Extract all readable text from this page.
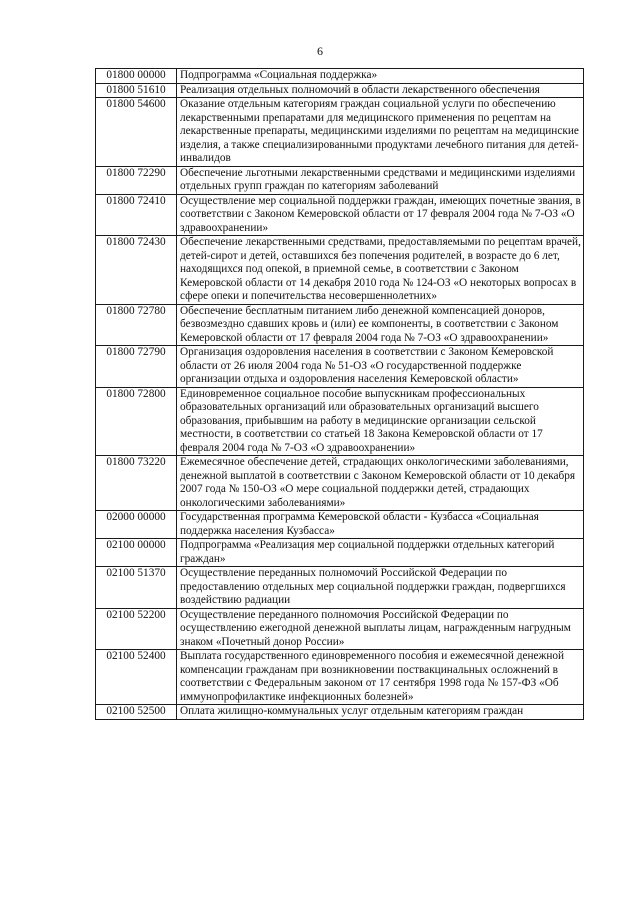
6
01800 00000	Подпрограмма «Социальная поддержка»
01800 51610	Реализация отдельных полномочий в области лекарственного обеспечения
01800 54600	Оказание отдельным категориям граждан социальной услуги по обеспечению лекарственными препаратами для медицинского применения по рецептам на лекарственные препараты, медицинскими изделиями по рецептам на медицинские изделия, а также специализированными продуктами лечебного питания для детей-инвалидов
01800 72290	Обеспечение льготными лекарственными средствами и медицинскими изделиями отдельных групп граждан по категориям заболеваний
01800 72410	Осуществление мер социальной поддержки граждан, имеющих почетные звания, в соответствии с Законом Кемеровской области от 17 февраля 2004 года № 7-ОЗ «О здравоохранении»
01800 72430	Обеспечение лекарственными средствами, предоставляемыми по рецептам врачей, детей-сирот и детей, оставшихся без попечения родителей, в возрасте до 6 лет, находящихся под опекой, в приемной семье, в соответствии с Законом Кемеровской области от 14 декабря 2010 года № 124-ОЗ «О некоторых вопросах в сфере опеки и попечительства несовершеннолетних»
01800 72780	Обеспечение бесплатным питанием либо денежной компенсацией доноров, безвозмездно сдавших кровь и (или) ее компоненты, в соответствии с Законом Кемеровской области от 17 февраля 2004 года № 7-ОЗ «О здравоохранении»
01800 72790	Организация оздоровления населения в соответствии с Законом Кемеровской области от 26 июля 2004 года № 51-ОЗ «О государственной поддержке организации отдыха и оздоровления населения Кемеровской области»
01800 72800	Единовременное социальное пособие выпускникам профессиональных образовательных организаций или образовательных организаций высшего образования, прибывшим на работу в медицинские организации сельской местности, в соответствии со статьей 18 Закона Кемеровской области от 17 февраля 2004 года № 7-ОЗ «О здравоохранении»
01800 73220	Ежемесячное обеспечение детей, страдающих онкологическими заболеваниями, денежной выплатой в соответствии с Законом Кемеровской области от 10 декабря 2007 года № 150-ОЗ «О мере социальной поддержки детей, страдающих онкологическими заболеваниями»
02000 00000	Государственная программа Кемеровской области - Кузбасса «Социальная поддержка населения Кузбасса»
02100 00000	Подпрограмма «Реализация мер социальной поддержки отдельных категорий граждан»
02100 51370	Осуществление переданных полномочий Российской Федерации по предоставлению отдельных мер социальной поддержки граждан, подвергшихся воздействию радиации
02100 52200	Осуществление переданного полномочия Российской Федерации по осуществлению ежегодной денежной выплаты лицам, награжденным нагрудным знаком «Почетный донор России»
02100 52400	Выплата государственного единовременного пособия и ежемесячной денежной компенсации гражданам при возникновении поствакцинальных осложнений в соответствии с Федеральным законом от 17 сентября 1998 года № 157-ФЗ «Об иммунопрофилактике инфекционных болезней»
02100 52500	Оплата жилищно-коммунальных услуг отдельным категориям граждан
